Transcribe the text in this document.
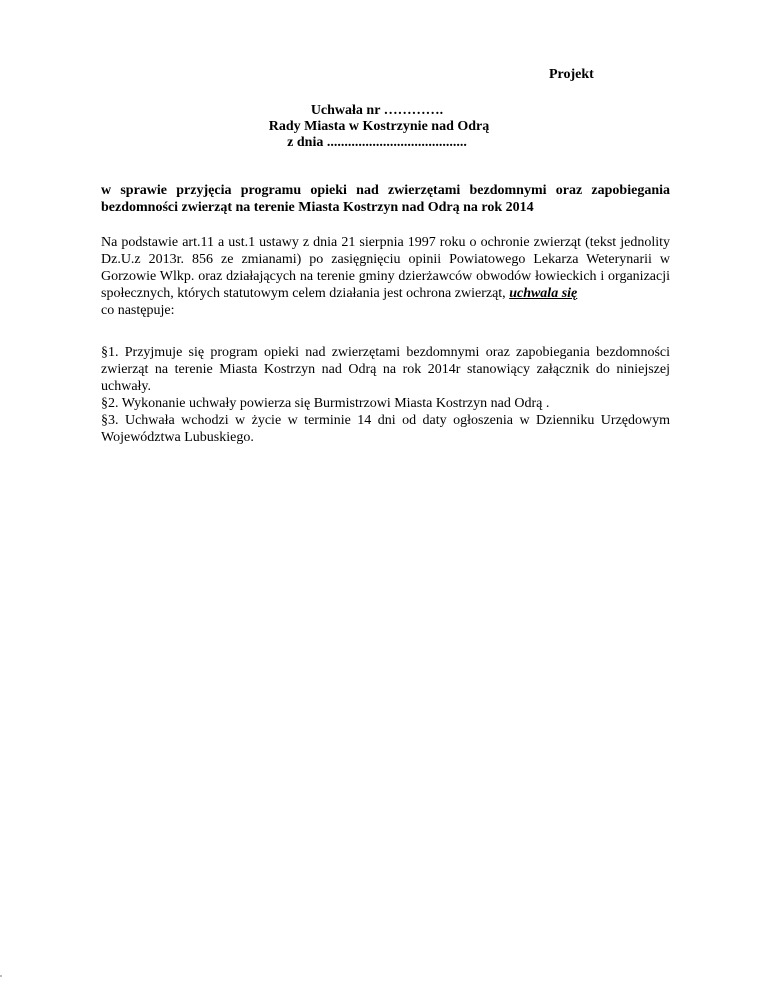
Projekt
Uchwała nr ………….
Rady Miasta w Kostrzynie nad Odrą
z dnia ........................................
w sprawie przyjęcia programu opieki nad zwierzętami bezdomnymi oraz zapobiegania bezdomności zwierząt na terenie Miasta Kostrzyn nad Odrą na rok 2014
Na podstawie art.11 a ust.1 ustawy z dnia 21 sierpnia 1997 roku o ochronie zwierząt (tekst jednolity Dz.U.z 2013r. 856 ze zmianami) po zasięgnięciu opinii Powiatowego Lekarza Weterynarii w Gorzowie Wlkp. oraz działających na terenie gminy dzierżawców obwodów łowieckich i organizacji społecznych, których statutowym celem działania jest ochrona zwierząt, uchwala się
co następuje:

§1. Przyjmuje się program opieki nad zwierzętami bezdomnymi oraz zapobiegania bezdomności zwierząt na terenie Miasta Kostrzyn nad Odrą na rok 2014r stanowiący załącznik do niniejszej uchwały.

§2. Wykonanie uchwały powierza się Burmistrzowi Miasta Kostrzyn nad Odrą .

§3. Uchwała wchodzi w życie w terminie 14 dni od daty ogłoszenia w Dzienniku Urzędowym Województwa Lubuskiego.
